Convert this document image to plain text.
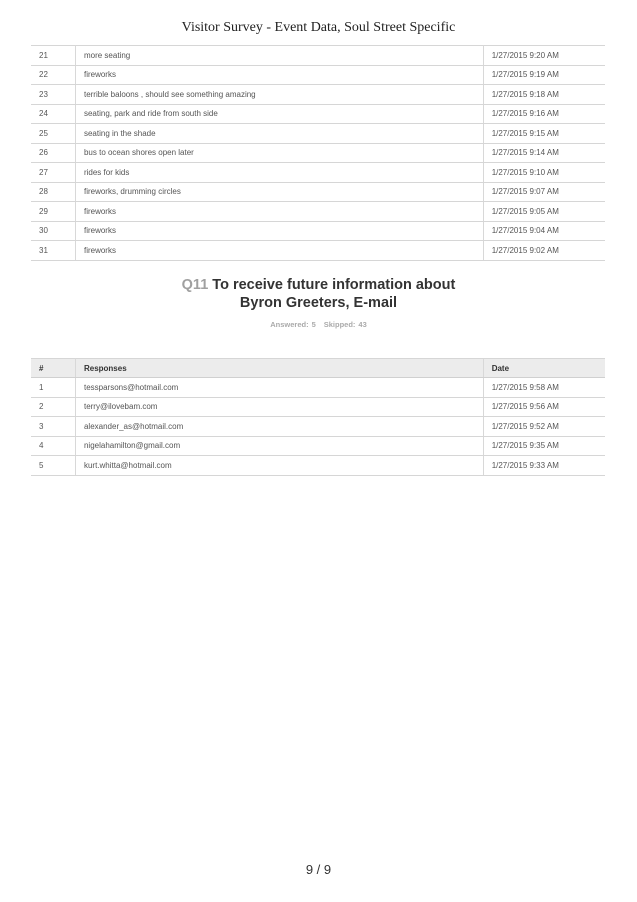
Visitor Survey - Event Data, Soul Street Specific
21	more seating	1/27/2015 9:20 AM
22	fireworks	1/27/2015 9:19 AM
23	terrible baloons , should see something amazing	1/27/2015 9:18 AM
24	seating, park and ride from south side	1/27/2015 9:16 AM
25	seating in the shade	1/27/2015 9:15 AM
26	bus to ocean shores open later	1/27/2015 9:14 AM
27	rides for kids	1/27/2015 9:10 AM
28	fireworks, drumming circles	1/27/2015 9:07 AM
29	fireworks	1/27/2015 9:05 AM
30	fireworks	1/27/2015 9:04 AM
31	fireworks	1/27/2015 9:02 AM
Q11 To receive future information about
Byron Greeters, E-mail
Answered: 5 Skipped: 43
#	Responses	Date
1	tessparsons@hotmail.com	1/27/2015 9:58 AM
2	terry@ilovebam.com	1/27/2015 9:56 AM
3	alexander_as@hotmail.com	1/27/2015 9:52 AM
4	nigelahamilton@gmail.com	1/27/2015 9:35 AM
5	kurt.whitta@hotmail.com	1/27/2015 9:33 AM
9 / 9
